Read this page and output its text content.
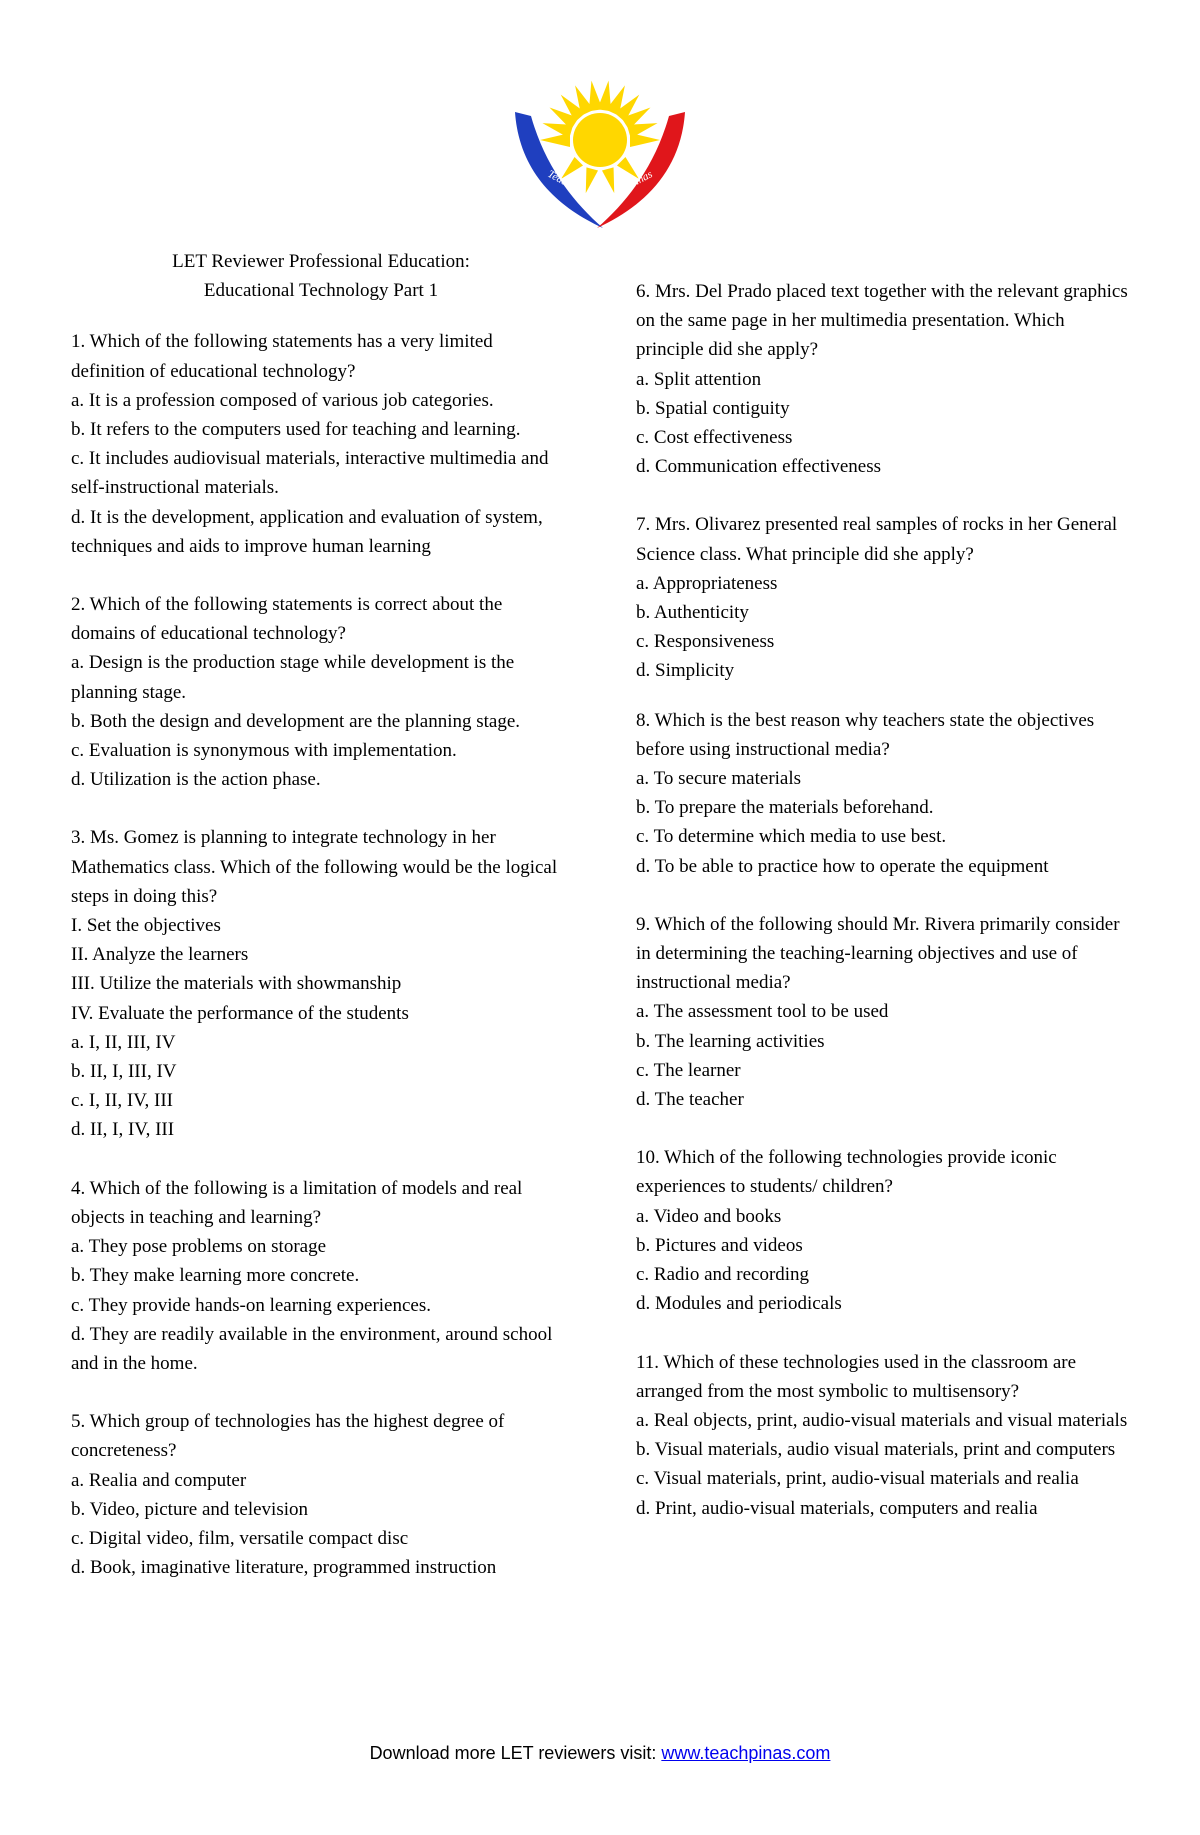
Teach	Pinas
LET Reviewer Professional Education:
Educational Technology Part 1
1. Which of the following statements has a very limited definition of educational technology?
a. It is a profession composed of various job categories.
b. It refers to the computers used for teaching and learning.
c. It includes audiovisual materials, interactive multimedia and self-instructional materials.
d. It is the development, application and evaluation of system, techniques and aids to improve human learning
2. Which of the following statements is correct about the domains of educational technology?
a. Design is the production stage while development is the planning stage.
b. Both the design and development are the planning stage.
c. Evaluation is synonymous with implementation.
d. Utilization is the action phase.
3. Ms. Gomez is planning to integrate technology in her Mathematics class. Which of the following would be the logical steps in doing this?
I. Set the objectives
II. Analyze the learners
III. Utilize the materials with showmanship
IV. Evaluate the performance of the students
a. I, II, III, IV
b. II, I, III, IV
c. I, II, IV, III
d. II, I, IV, III
4. Which of the following is a limitation of models and real objects in teaching and learning?
a. They pose problems on storage
b. They make learning more concrete.
c. They provide hands-on learning experiences.
d. They are readily available in the environment, around school and in the home.
5. Which group of technologies has the highest degree of concreteness?
a. Realia and computer
b. Video, picture and television
c. Digital video, film, versatile compact disc
d. Book, imaginative literature, programmed instruction
6. Mrs. Del Prado placed text together with the relevant graphics on the same page in her multimedia presentation. Which principle did she apply?
a. Split attention
b. Spatial contiguity
c. Cost effectiveness
d. Communication effectiveness
7. Mrs. Olivarez presented real samples of rocks in her General Science class. What principle did she apply?
a. Appropriateness
b. Authenticity
c. Responsiveness
d. Simplicity
8. Which is the best reason why teachers state the objectives before using instructional media?
a. To secure materials
b. To prepare the materials beforehand.
c. To determine which media to use best.
d. To be able to practice how to operate the equipment
9. Which of the following should Mr. Rivera primarily consider in determining the teaching-learning objectives and use of instructional media?
a. The assessment tool to be used
b. The learning activities
c. The learner
d. The teacher
10. Which of the following technologies provide iconic experiences to students/ children?
a. Video and books
b. Pictures and videos
c. Radio and recording
d. Modules and periodicals
11. Which of these technologies used in the classroom are arranged from the most symbolic to multisensory?
a. Real objects, print, audio-visual materials and visual materials
b. Visual materials, audio visual materials, print and computers
c. Visual materials, print, audio-visual materials and realia
d. Print, audio-visual materials, computers and realia
Download more LET reviewers visit: www.teachpinas.com
